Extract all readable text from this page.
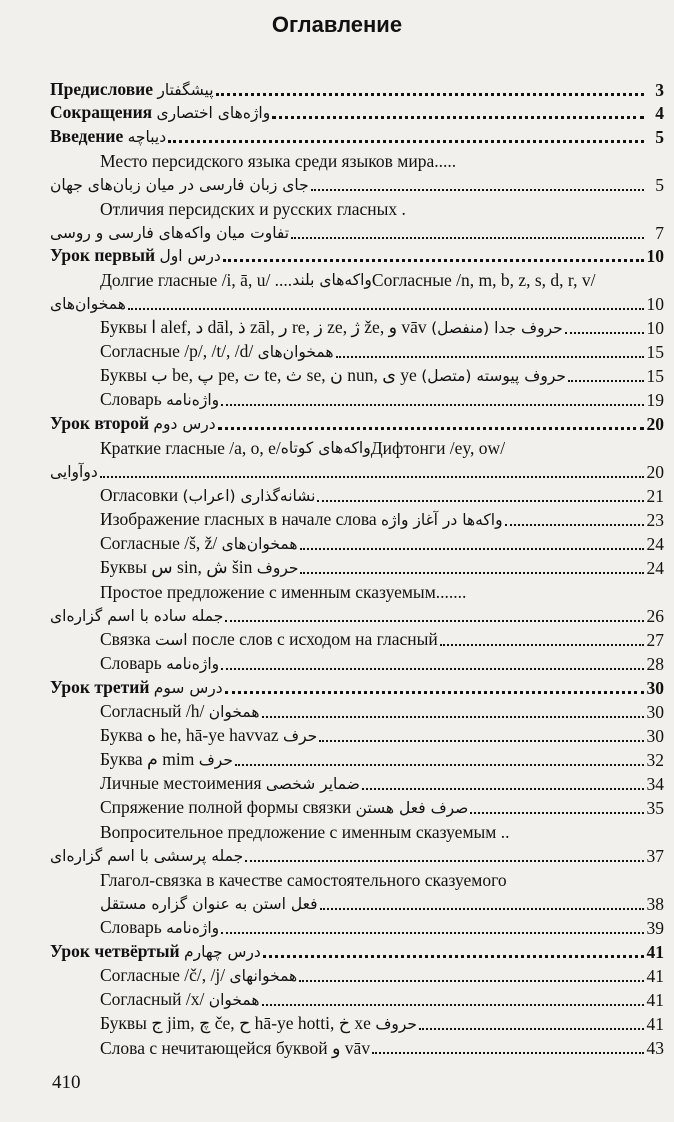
Оглавление
Предисловие پیشگفتار	3
Сокращения واژه‌های اختصاری	4
Введение دیباچه	5
Место персидского языка среди языков мира.....
جای زبان فارسی در میان زبان‌های جهان	5
Отличия персидских и русских гласных .
تفاوت میان واکه‌های فارسی و روسی	7
Урок первый درس اول	10
Долгие гласные /i, ā, u/ .... واکه‌های بلند Согласные /n, m, b, z, s, d, r, v/
همخوان‌های	10
Буквы ا alef, د dāl, ذ zāl, ر re, ز ze, ژ že, و vāv حروف جدا (منفصل)	10
Согласные /p/, /t/, /d/ همخوان‌های	15
Буквы ب be, پ pe, ت te, ث se, ن nun, ی ye حروف پیوسته (متصل)	15
Словарь واژه‌نامه	19
Урок второй درس دوم	20
Краткие гласные /a, o, e/ واکه‌های کوتاه Дифтонги /ey, ow/
دوآوایی	20
Огласовки نشانه‌گذاری (اعراب)	21
Изображение гласных в начале слова واکه‌ها در آغاز واژه	23
Согласные /š, ž/ همخوان‌های	24
Буквы س sin, ش šin حروف	24
Простое предложение с именным сказуемым.......
جمله ساده با اسم گزاره‌ای	26
Связка است после слов с исходом на гласный	27
Словарь واژه‌نامه	28
Урок третий درس سوم	30
Согласный /h/ همخوان	30
Буква ه he, hā-ye havvaz حرف	30
Буква م mim حرف	32
Личные местоимения ضمایر شخصی	34
Спряжение полной формы связки صرف فعل هستن	35
Вопросительное предложение с именным сказуемым ..
جمله پرسشی با اسم گزاره‌ای	37
Глагол-связка в качестве самостоятельного сказуемого
فعل استن به عنوان گزاره مستقل	38
Словарь واژه‌نامه	39
Урок четвёртый درس چهارم	41
Согласные /č/, /j/ همخوانهای	41
Согласный /x/ همخوان	41
Буквы ج jim, چ če, ح hā-ye hotti, خ xe حروف	41
Слова с нечитающейся буквой و vāv	43
410
